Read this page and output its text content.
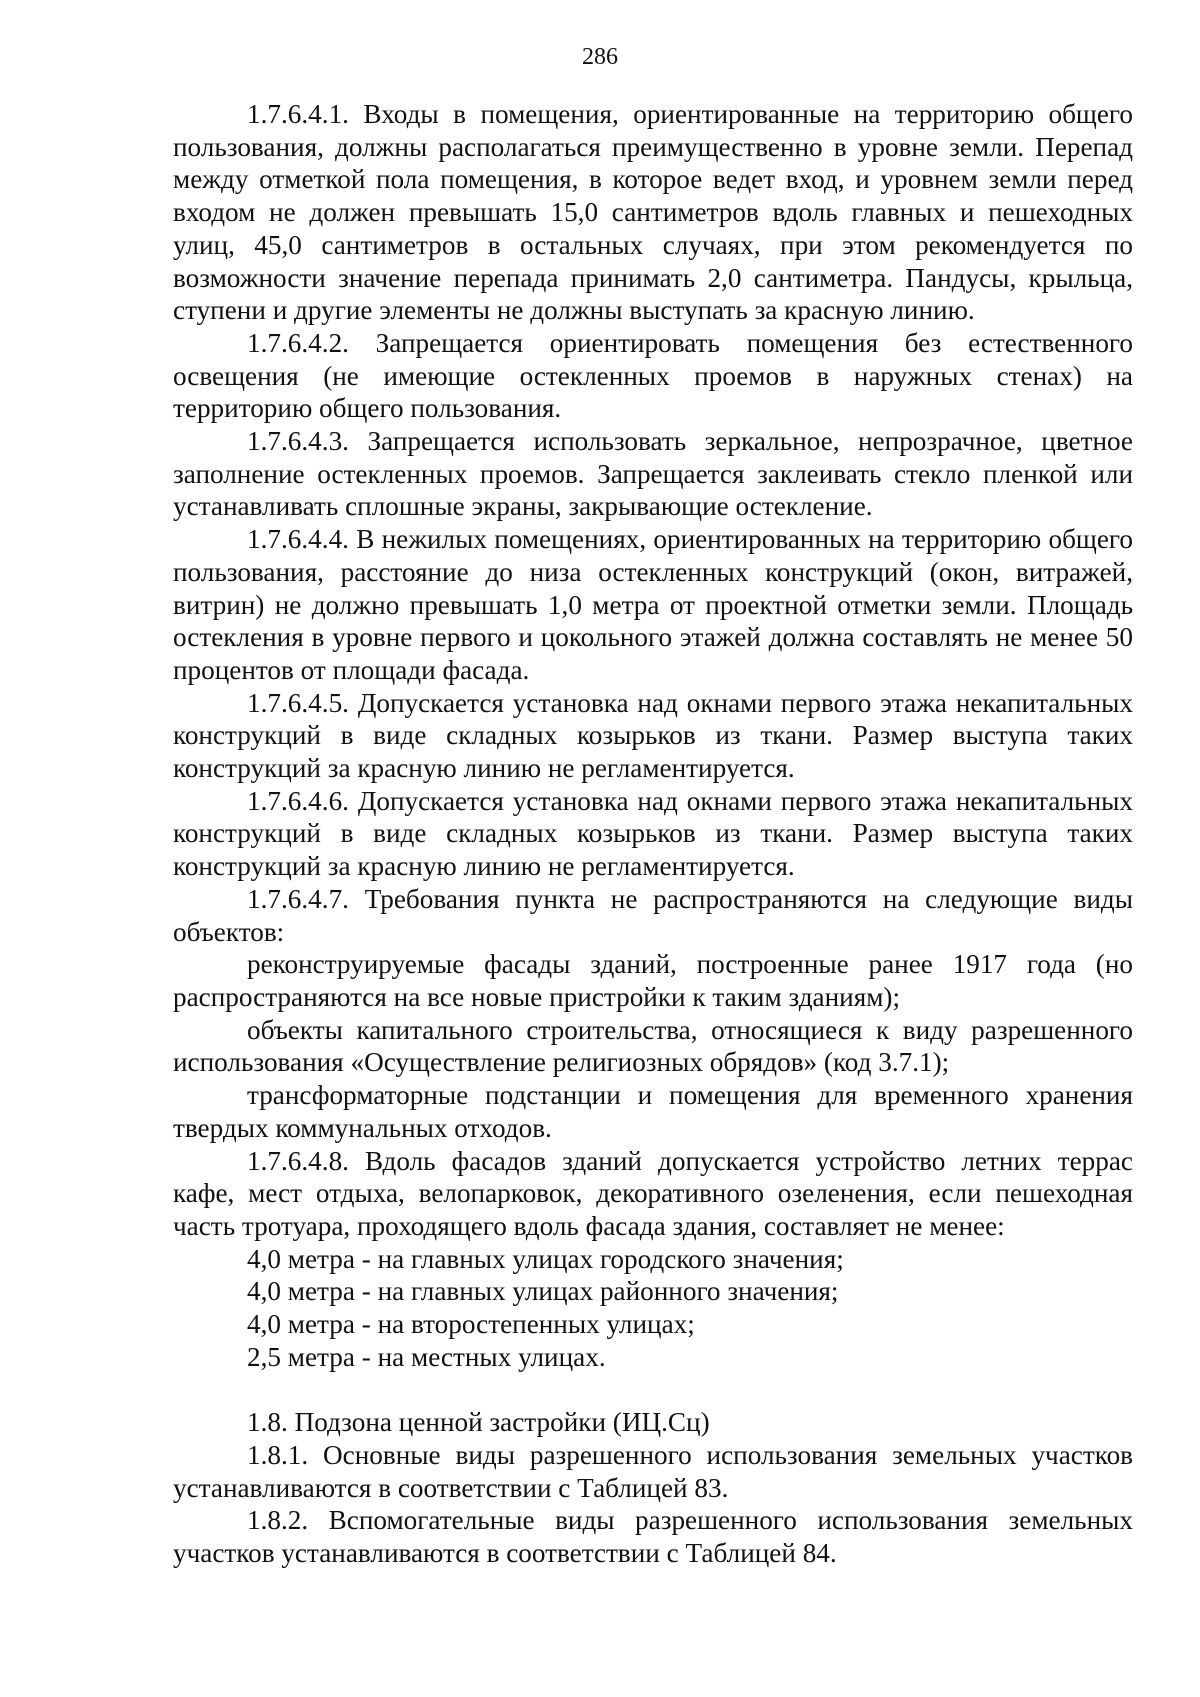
286

1.7.6.4.1. Входы в помещения, ориентированные на территорию общего пользования, должны располагаться преимущественно в уровне земли. Перепад между отметкой пола помещения, в которое ведет вход, и уровнем земли перед входом не должен превышать 15,0 сантиметров вдоль главных и пешеходных улиц, 45,0 сантиметров в остальных случаях, при этом рекомендуется по возможности значение перепада принимать 2,0 сантиметра. Пандусы, крыльца, ступени и другие элементы не должны выступать за красную линию.

1.7.6.4.2. Запрещается ориентировать помещения без естественного освещения (не имеющие остекленных проемов в наружных стенах) на территорию общего пользования.

1.7.6.4.3. Запрещается использовать зеркальное, непрозрачное, цветное заполнение остекленных проемов. Запрещается заклеивать стекло пленкой или устанавливать сплошные экраны, закрывающие остекление.

1.7.6.4.4. В нежилых помещениях, ориентированных на территорию общего пользования, расстояние до низа остекленных конструкций (окон, витражей, витрин) не должно превышать 1,0 метра от проектной отметки земли. Площадь остекления в уровне первого и цокольного этажей должна составлять не менее 50 процентов от площади фасада.

1.7.6.4.5. Допускается установка над окнами первого этажа некапитальных конструкций в виде складных козырьков из ткани. Размер выступа таких конструкций за красную линию не регламентируется.

1.7.6.4.6. Допускается установка над окнами первого этажа некапитальных конструкций в виде складных козырьков из ткани. Размер выступа таких конструкций за красную линию не регламентируется.

1.7.6.4.7. Требования пункта не распространяются на следующие виды объектов:

реконструируемые фасады зданий, построенные ранее 1917 года (но распространяются на все новые пристройки к таким зданиям);

объекты капитального строительства, относящиеся к виду разрешенного использования «Осуществление религиозных обрядов» (код 3.7.1);

трансформаторные подстанции и помещения для временного хранения твердых коммунальных отходов.

1.7.6.4.8. Вдоль фасадов зданий допускается устройство летних террас кафе, мест отдыха, велопарковок, декоративного озеленения, если пешеходная часть тротуара, проходящего вдоль фасада здания, составляет не менее:

4,0 метра - на главных улицах городского значения;

4,0 метра - на главных улицах районного значения;

4,0 метра - на второстепенных улицах;

2,5 метра - на местных улицах.

1.8. Подзона ценной застройки (ИЦ.Сц)

1.8.1. Основные виды разрешенного использования земельных участков устанавливаются в соответствии с Таблицей 83.

1.8.2. Вспомогательные виды разрешенного использования земельных участков устанавливаются в соответствии с Таблицей 84.
